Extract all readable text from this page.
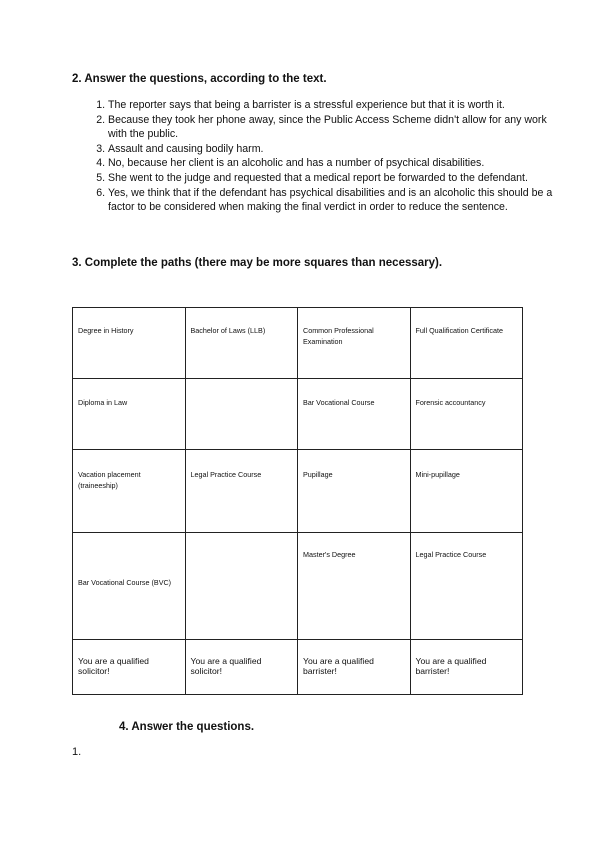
2. Answer the questions, according to the text.
1. The reporter says that being a barrister is a stressful experience but that it is worth it.
2. Because they took her phone away, since the Public Access Scheme didn't allow for any work with the public.
3. Assault and causing bodily harm.
4. No, because her client is an alcoholic and has a number of psychical disabilities.
5. She went to the judge and requested that a medical report be forwarded to the defendant.
6. Yes, we think that if the defendant has psychical disabilities and is an alcoholic this should be a factor to be considered when making the final verdict in order to reduce the sentence.
3. Complete the paths (there may be more squares than necessary).
Degree in History	Bachelor of Laws (LLB)	Common Professional Examination	Full Qualification Certificate

Diploma in Law		Bar Vocational Course	Forensic accountancy

Vacation placement (traineeship)	Legal Practice Course	Pupillage	Mini-pupillage

Bar Vocational Course (BVC)		Master's Degree	Legal Practice Course

You are a qualified solicitor!	You are a qualified solicitor!	You are a qualified barrister!	You are a qualified barrister!
4. Answer the questions.
1.
